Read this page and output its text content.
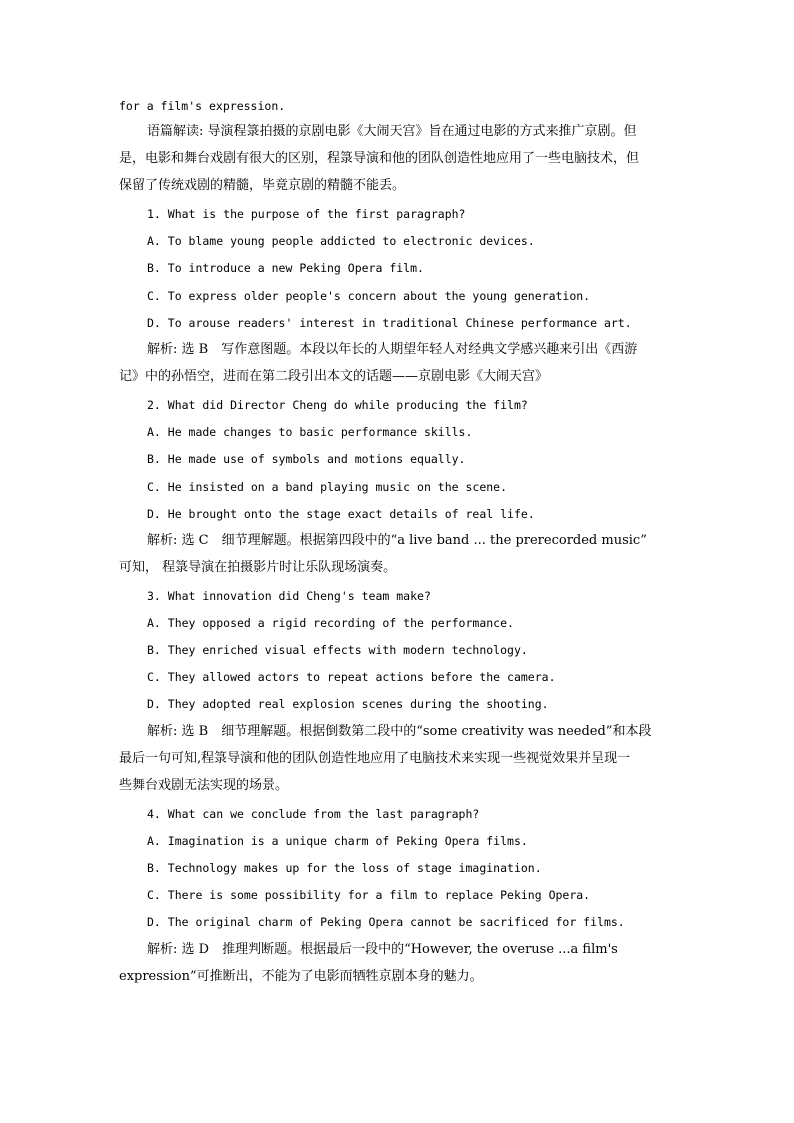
for a film's expression.
语篇解读: 导演程箓拍摄的京剧电影《大闹天宫》旨在通过电影的方式来推广京剧。但
是，电影和舞台戏剧有很大的区别，程箓导演和他的团队创造性地应用了一些电脑技术，但
保留了传统戏剧的精髓，毕竟京剧的精髓不能丢。
1. What is the purpose of the first paragraph?
A. To blame young people addicted to electronic devices.
B. To introduce a new Peking Opera film.
C. To express older people's concern about the young generation.
D. To arouse readers' interest in traditional Chinese performance art.
解析: 选 B　写作意图题。本段以年长的人期望年轻人对经典文学感兴趣来引出《西游
记》中的孙悟空，进而在第二段引出本文的话题——京剧电影《大闹天宫》
2. What did Director Cheng do while producing the film?
A. He made changes to basic performance skills.
B. He made use of symbols and motions equally.
C. He insisted on a band playing music on the scene.
D. He brought onto the stage exact details of real life.
解析: 选 C　细节理解题。根据第四段中的“a live band ... the prerecorded music”
可知， 程箓导演在拍摄影片时让乐队现场演奏。
3. What innovation did Cheng's team make?
A. They opposed a rigid recording of the performance.
B. They enriched visual effects with modern technology.
C. They allowed actors to repeat actions before the camera.
D. They adopted real explosion scenes during the shooting.
解析: 选 B　细节理解题。根据倒数第二段中的“some creativity was needed”和本段
最后一句可知,程箓导演和他的团队创造性地应用了电脑技术来实现一些视觉效果并呈现一
些舞台戏剧无法实现的场景。
4. What can we conclude from the last paragraph?
A. Imagination is a unique charm of Peking Opera films.
B. Technology makes up for the loss of stage imagination.
C. There is some possibility for a film to replace Peking Opera.
D. The original charm of Peking Opera cannot be sacrificed for films.
解析: 选 D　推理判断题。根据最后一段中的“However, the overuse ...a film's
expression”可推断出，不能为了电影而牺牲京剧本身的魅力。
